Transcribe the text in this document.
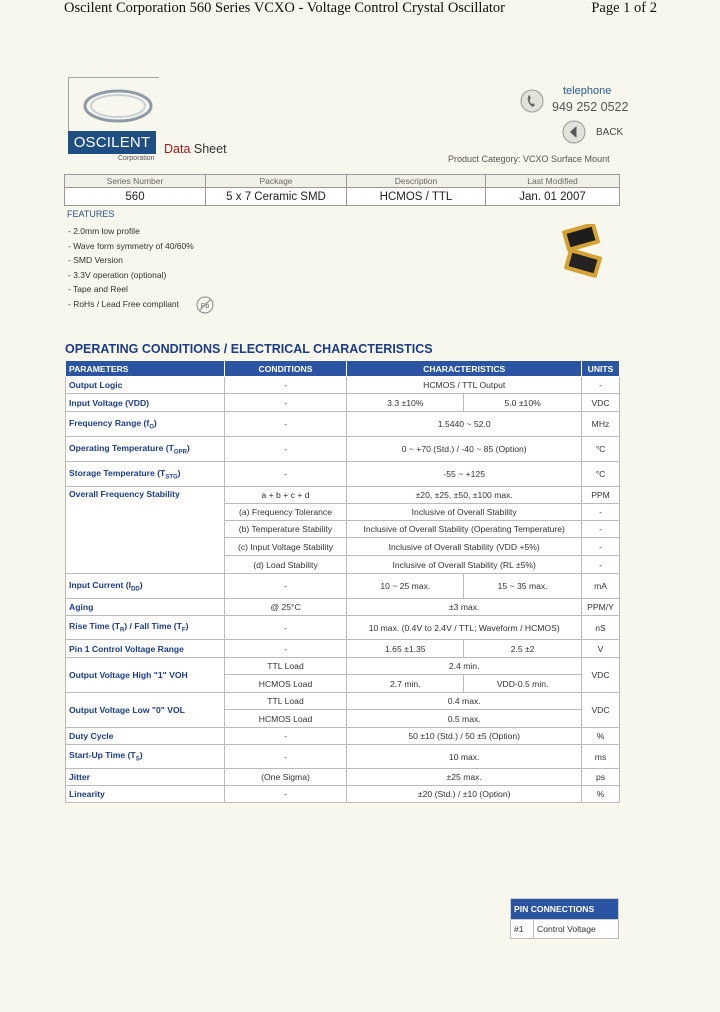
Oscilent Corporation 560 Series VCXO - Voltage Control Crystal Oscillator	Page 1 of 2
OSCILENT
Corporation
Data Sheet
telephone
949 252 0522
BACK
Product Category: VCXO Surface Mount
Series Number	Package	Description	Last Modified
560	5 x 7 Ceramic SMD	HCMOS / TTL	Jan. 01 2007
FEATURES
- 2.0mm low profile
- Wave form symmetry of 40/60%
- SMD Version
- 3.3V operation (optional)
- Tape and Reel
- RoHs / Lead Free compliant	Pb
OPERATING CONDITIONS / ELECTRICAL CHARACTERISTICS
PARAMETERS	CONDITIONS	CHARACTERISTICS		UNITS
Output Logic	-	HCMOS / TTL Output		-
Input Voltage (VDD)	-	3.3 ±10%	5.0 ±10%	VDC
Frequency Range $(f_O)$	-	1.5440 ~ 52.0		MHz
Operating Temperature $(T_{OPR})$	-	0 ~ +70 (Std.) / -40 ~ 85 (Option)		°C
Storage Temperature $(T_{STG})$	-	-55 ~ +125		°C
Overall Frequency Stability	a + b + c + d	±20, ±25, ±50, ±100 max.		PPM
	(a) Frequency Tolerance	Inclusive of Overall Stability		-
	(b) Temperature Stability	Inclusive of Overall Stability (Operating Temperature)		-
	(c) Input Voltage Stability	Inclusive of Overall Stability (VDD +5%)		-
	(d) Load Stability	Inclusive of Overall Stability (RL ±5%)		-
Input Current $(I_{DD})$	-	10 ~ 25 max.	15 ~ 35 max.	mA
Aging	@ 25°C	±3 max.		PPM/Y
Rise Time $(T_R)$ / Fall Time $(T_F)$	-	10 max. (0.4V to 2.4V / TTL; Waveform / HCMOS)		nS
Pin 1 Control Voltage Range	-	1.65 ±1.35	2.5 ±2	V
Output Voltage High "1" VOH	TTL Load	2.4 min.		VDC
	HCMOS Load	2.7 min.	VDD-0.5 min.	
Output Voltage Low "0" VOL	TTL Load	0.4 max.		VDC
	HCMOS Load	0.5 max.		
Duty Cycle	-	50 ±10 (Std.) / 50 ±5 (Option)		%
Start-Up Time $(T_S)$	-	10 max.		ms
Jitter	(One Sigma)	±25 max.		ps
Linearity	-	±20 (Std.) / ±10 (Option)		%
PIN CONNECTIONS
#1	Control Voltage
